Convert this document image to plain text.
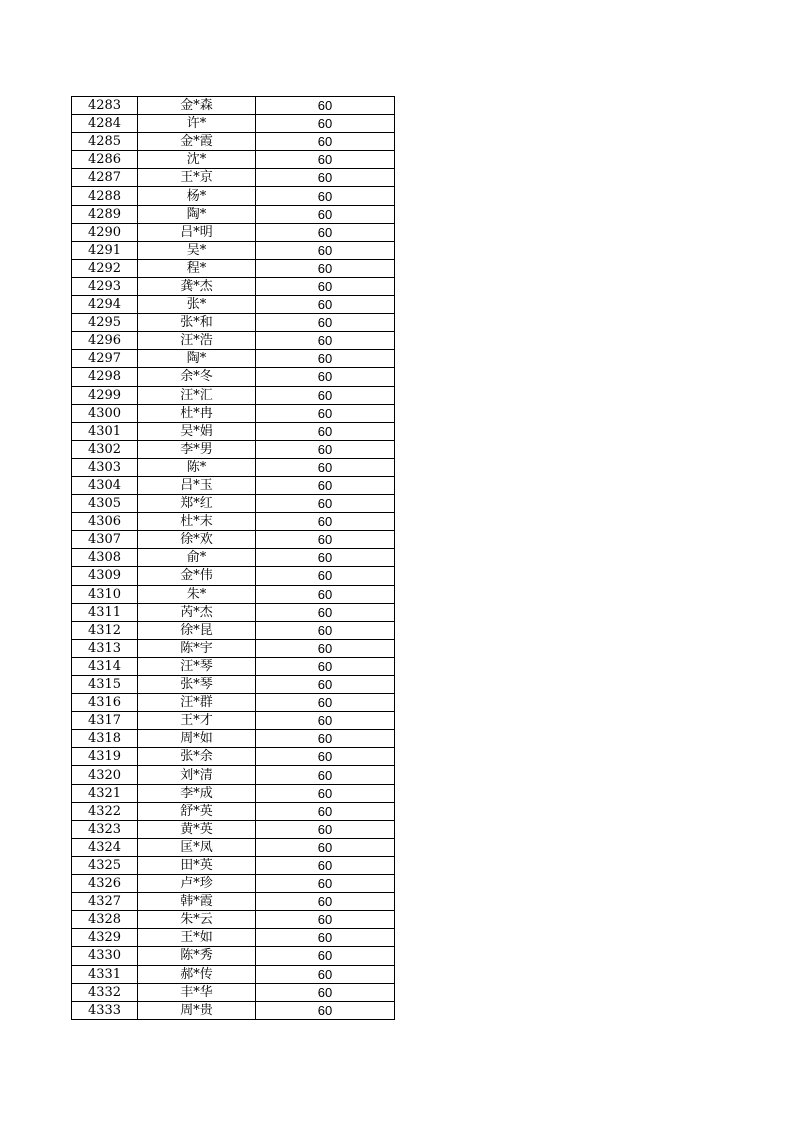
4283	金*森	60
4284	许*	60
4285	金*霞	60
4286	沈*	60
4287	王*京	60
4288	杨*	60
4289	陶*	60
4290	吕*明	60
4291	吴*	60
4292	程*	60
4293	龚*杰	60
4294	张*	60
4295	张*和	60
4296	汪*浩	60
4297	陶*	60
4298	余*冬	60
4299	汪*汇	60
4300	杜*冉	60
4301	吴*娟	60
4302	李*男	60
4303	陈*	60
4304	吕*玉	60
4305	郑*红	60
4306	杜*末	60
4307	徐*欢	60
4308	俞*	60
4309	金*伟	60
4310	朱*	60
4311	芮*杰	60
4312	徐*昆	60
4313	陈*宇	60
4314	汪*琴	60
4315	张*琴	60
4316	汪*群	60
4317	王*才	60
4318	周*如	60
4319	张*余	60
4320	刘*清	60
4321	李*成	60
4322	舒*英	60
4323	黄*英	60
4324	匡*凤	60
4325	田*英	60
4326	卢*珍	60
4327	韩*霞	60
4328	朱*云	60
4329	王*如	60
4330	陈*秀	60
4331	郝*传	60
4332	丰*华	60
4333	周*贵	60
